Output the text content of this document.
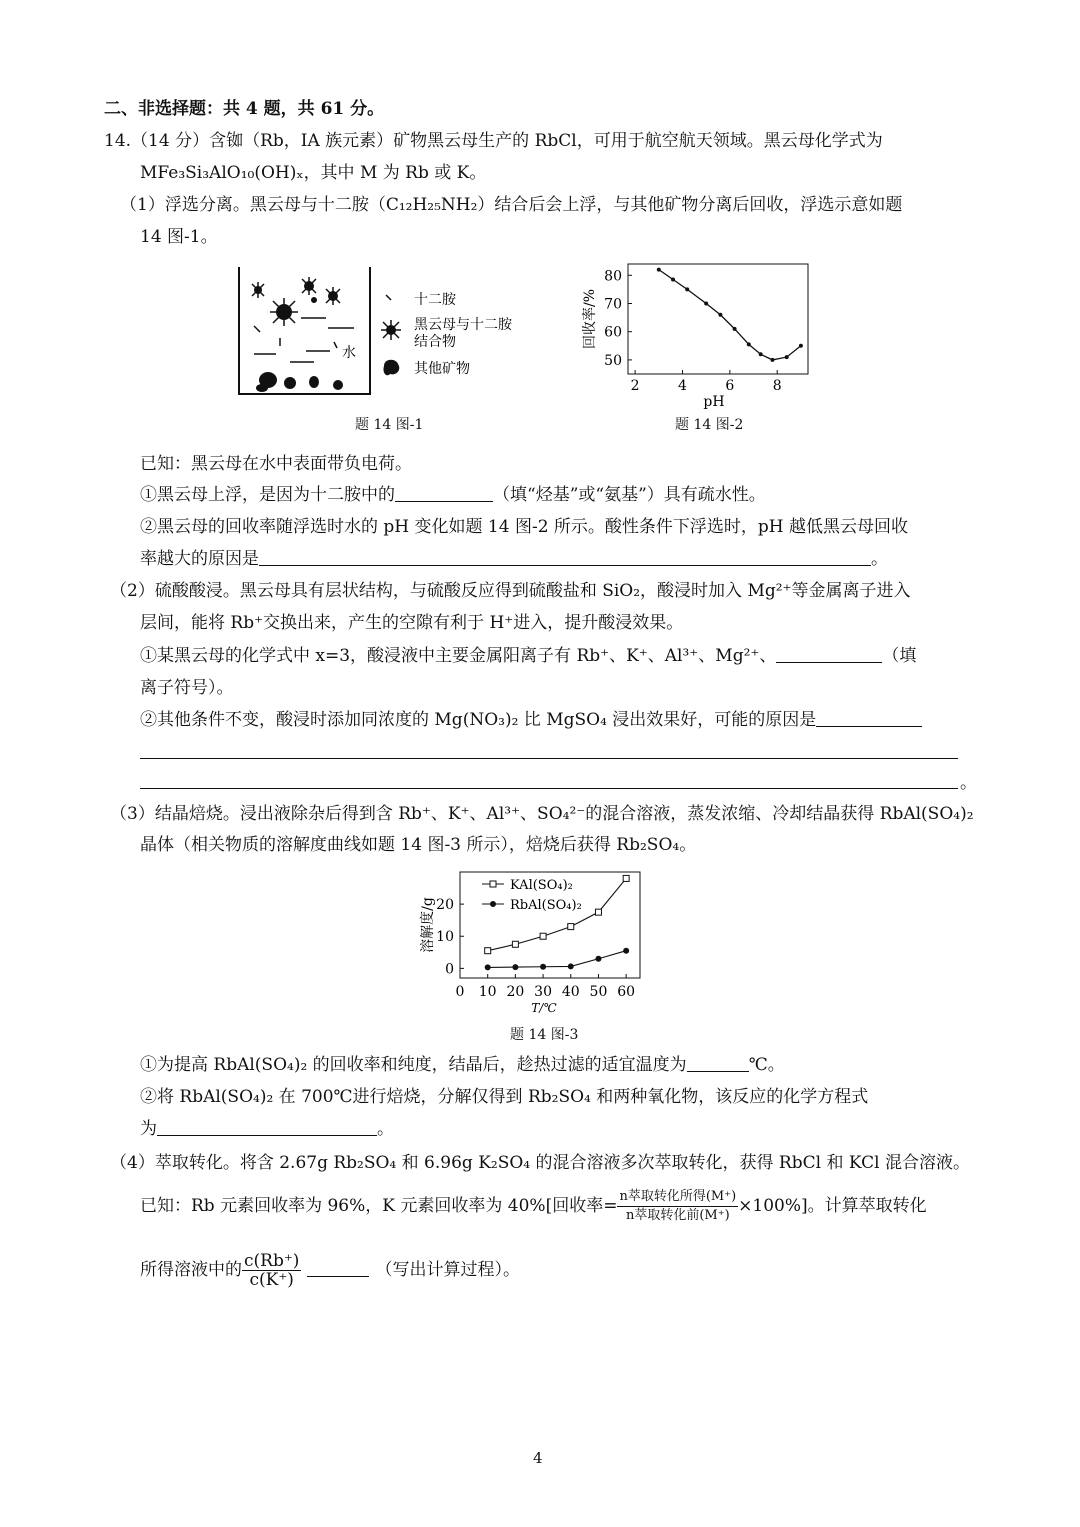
二、非选择题：共 4 题，共 61 分。
14.（14 分）含铷（Rb，IA 族元素）矿物黑云母生产的 RbCl，可用于航空航天领域。黑云母化学式为
MFe₃Si₃AlO₁₀(OH)ₓ，其中 M 为 Rb 或 K。
（1）浮选分离。黑云母与十二胺（C₁₂H₂₅NH₂）结合后会上浮，与其他矿物分离后回收，浮选示意如题
14 图-1。
水
十二胺
黑云母与十二胺
结合物
其他矿物
题 14 图-1
50
60
70
80
2	4	6	8
pH
回收率/%
题 14 图-2
已知：黑云母在水中表面带负电荷。
①黑云母上浮，是因为十二胺中的	（填“烃基”或“氨基”）具有疏水性。
②黑云母的回收率随浮选时水的 pH 变化如题 14 图-2 所示。酸性条件下浮选时，pH 越低黑云母回收
率越大的原因是	。
（2）硫酸酸浸。黑云母具有层状结构，与硫酸反应得到硫酸盐和 SiO₂，酸浸时加入 Mg²⁺等金属离子进入
层间，能将 Rb⁺交换出来，产生的空隙有利于 H⁺进入，提升酸浸效果。
①某黑云母的化学式中 x=3，酸浸液中主要金属阳离子有 Rb⁺、K⁺、Al³⁺、Mg²⁺、	（填
离子符号）。
②其他条件不变，酸浸时添加同浓度的 Mg(NO₃)₂ 比 MgSO₄ 浸出效果好，可能的原因是
。
（3）结晶焙烧。浸出液除杂后得到含 Rb⁺、K⁺、Al³⁺、SO₄²⁻的混合溶液，蒸发浓缩、冷却结晶获得 RbAl(SO₄)₂
晶体（相关物质的溶解度曲线如题 14 图-3 所示），焙烧后获得 Rb₂SO₄。
0
10
20
0 10 20 30 40 50 60
T/℃
溶解度/g
KAl(SO₄)₂
RbAl(SO₄)₂
题 14 图-3
①为提高 RbAl(SO₄)₂ 的回收率和纯度，结晶后，趁热过滤的适宜温度为	℃。
②将 RbAl(SO₄)₂ 在 700℃进行焙烧，分解仅得到 Rb₂SO₄ 和两种氧化物，该反应的化学方程式
为	。
（4）萃取转化。将含 2.67g Rb₂SO₄ 和 6.96g K₂SO₄ 的混合溶液多次萃取转化，获得 RbCl 和 KCl 混合溶液。
已知：Rb 元素回收率为 96%，K 元素回收率为 40%[回收率= $\frac{\text{n萃取转化所得(M⁺)}}{\text{n萃取转化前(M⁺)}} \times 100\%$]。计算萃取转化
所得溶液中的 $\frac{c(Rb^+)}{c(K^+)}$	（写出计算过程）。
4
